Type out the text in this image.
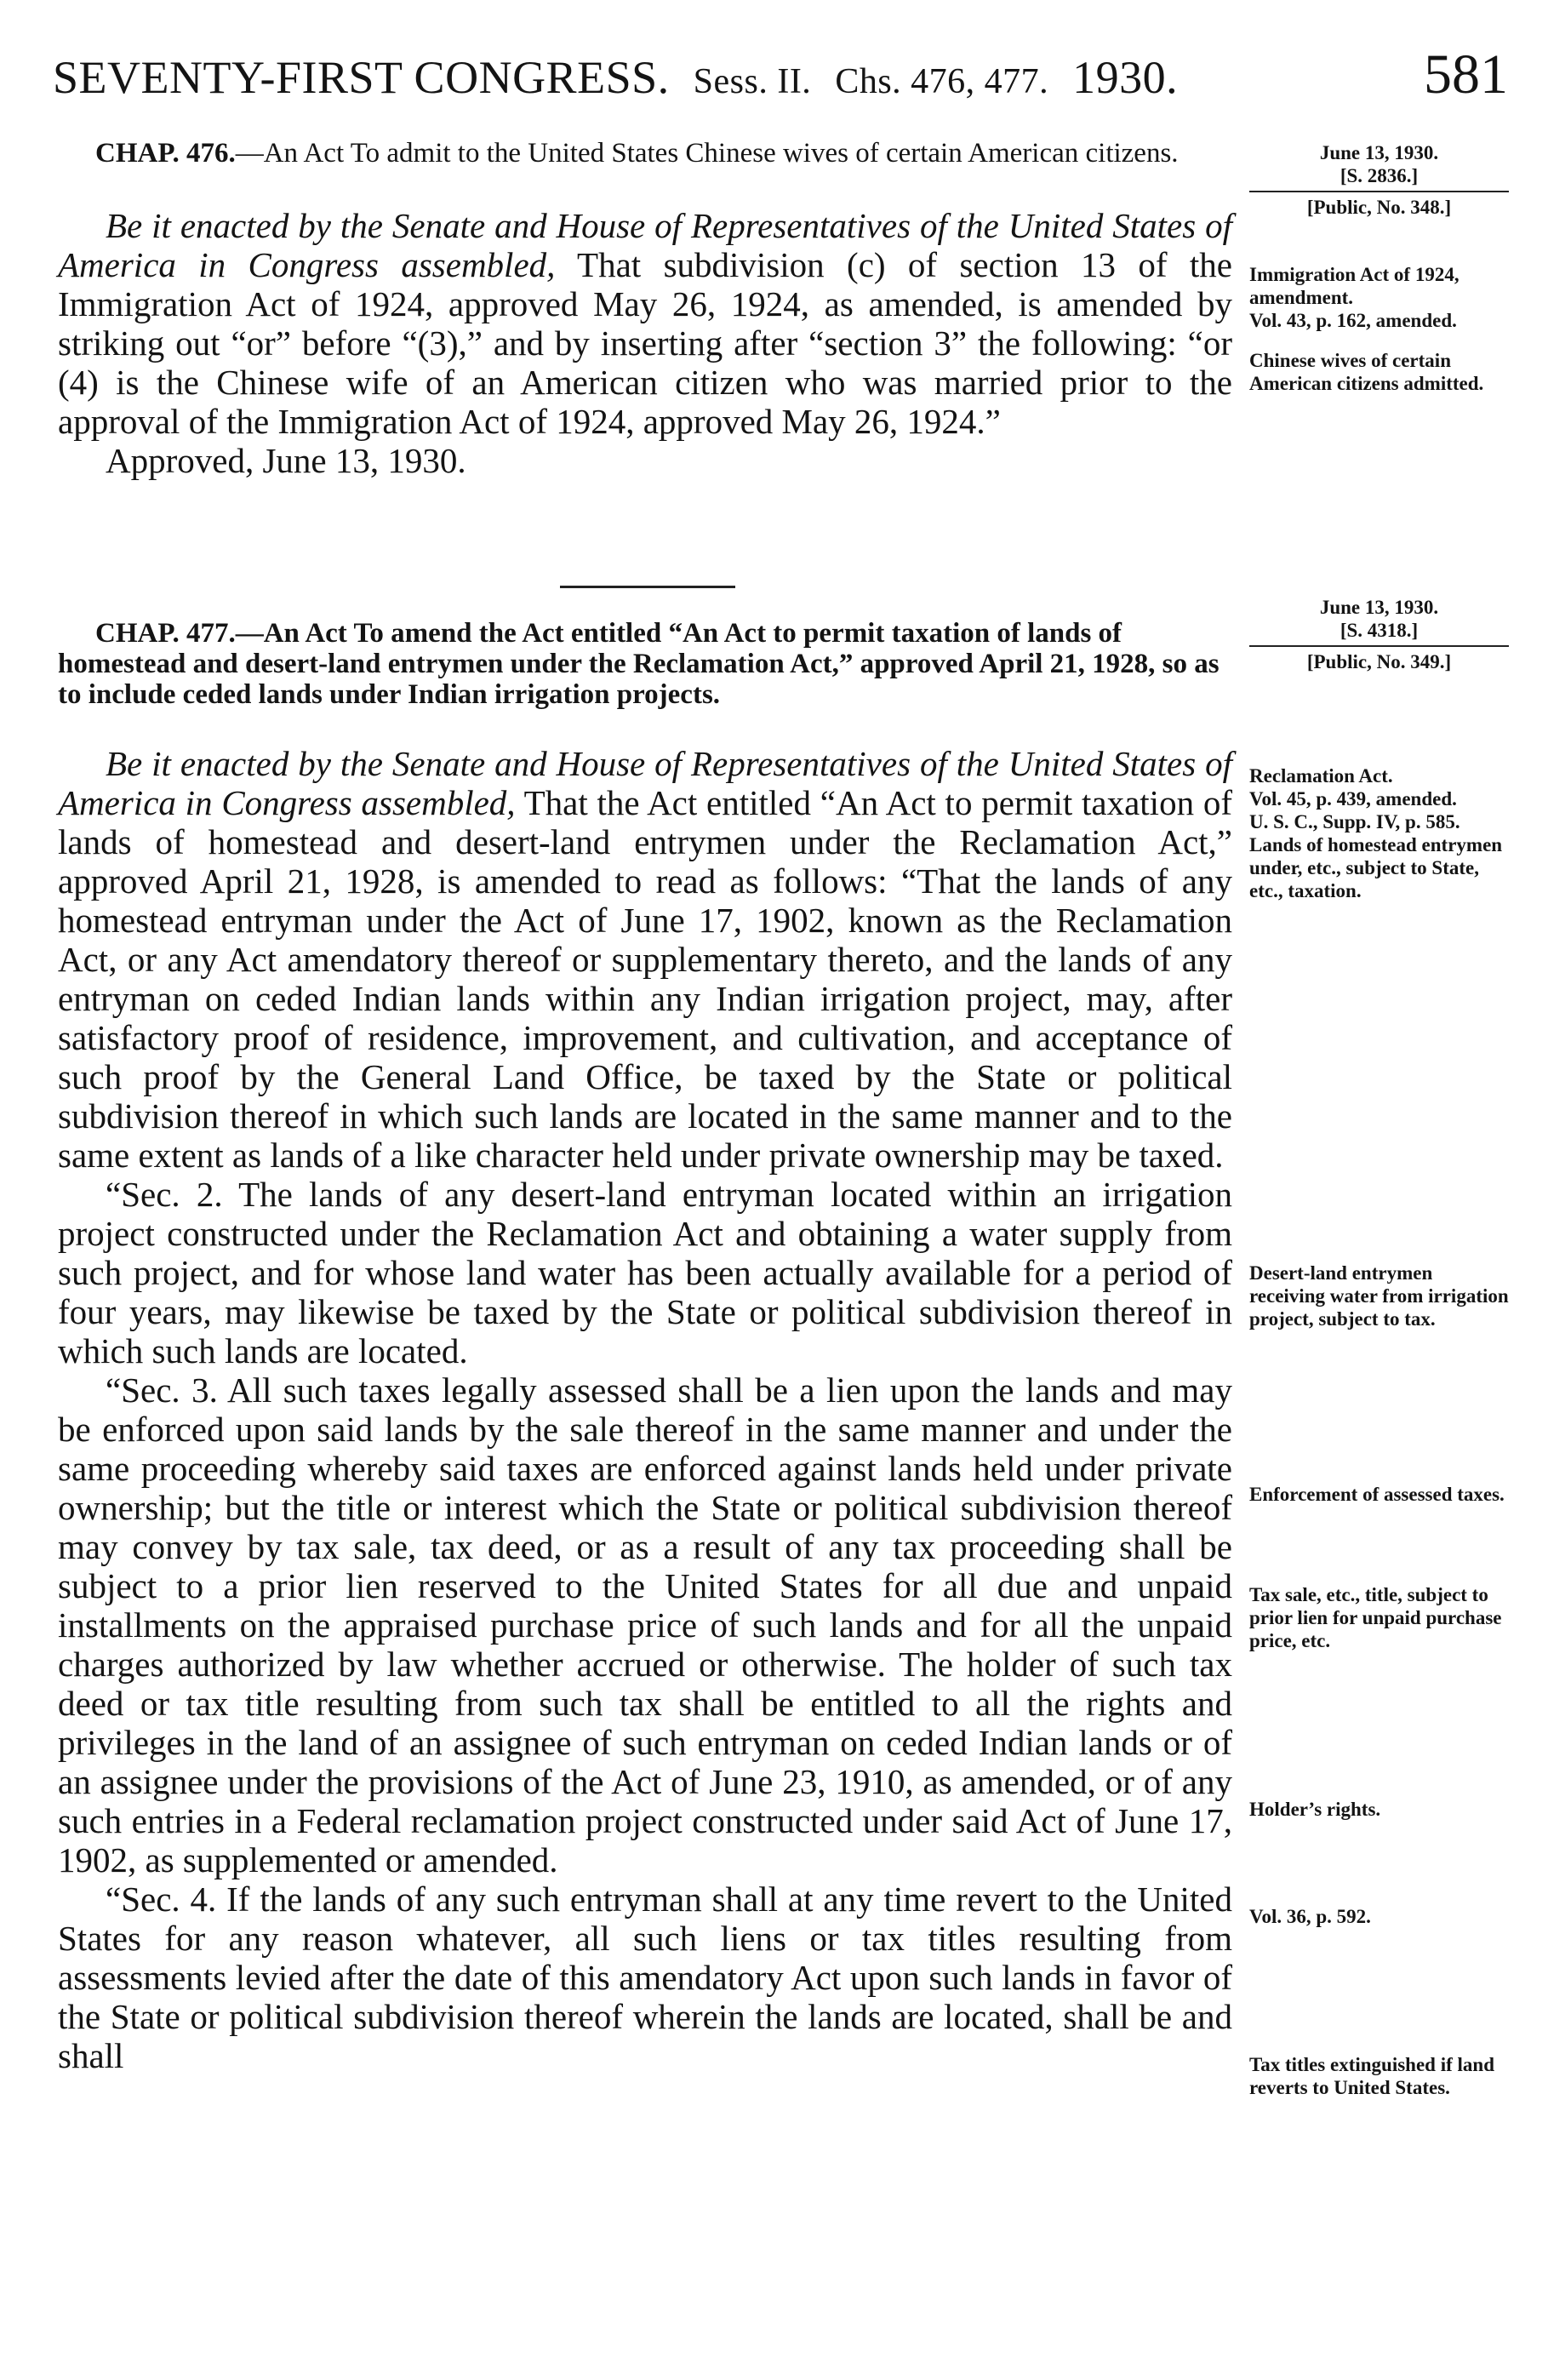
SEVENTY-FIRST CONGRESS. Sess. II. Chs. 476, 477. 1930.	581

CHAP. 476.—An Act To admit to the United States Chinese wives of certain American citizens.

Be it enacted by the Senate and House of Representatives of the United States of America in Congress assembled, That subdivision (c) of section 13 of the Immigration Act of 1924, approved May 26, 1924, as amended, is amended by striking out “or” before “(3),” and by inserting after “section 3” the following: “or (4) is the Chinese wife of an American citizen who was married prior to the approval of the Immigration Act of 1924, approved May 26, 1924.”

Approved, June 13, 1930.

June 13, 1930.
[S. 2836.]
[Public, No. 348.]

Immigration Act of 1924, amendment.

Vol. 43, p. 162, amended.

Chinese wives of certain American citizens admitted.

June 13, 1930.
[S. 4318.]
[Public, No. 349.]

CHAP. 477.—An Act To amend the Act entitled “An Act to permit taxation of lands of homestead and desert-land entrymen under the Reclamation Act,” approved April 21, 1928, so as to include ceded lands under Indian irrigation projects.

Be it enacted by the Senate and House of Representatives of the United States of America in Congress assembled, That the Act entitled “An Act to permit taxation of lands of homestead and desert-land entrymen under the Reclamation Act,” approved April 21, 1928, is amended to read as follows: “That the lands of any homestead entryman under the Act of June 17, 1902, known as the Reclamation Act, or any Act amendatory thereof or supplementary thereto, and the lands of any entryman on ceded Indian lands within any Indian irrigation project, may, after satisfactory proof of residence, improvement, and cultivation, and acceptance of such proof by the General Land Office, be taxed by the State or political subdivision thereof in which such lands are located in the same manner and to the same extent as lands of a like character held under private ownership may be taxed.

“Sec. 2. The lands of any desert-land entryman located within an irrigation project constructed under the Reclamation Act and obtaining a water supply from such project, and for whose land water has been actually available for a period of four years, may likewise be taxed by the State or political subdivision thereof in which such lands are located.

“Sec. 3. All such taxes legally assessed shall be a lien upon the lands and may be enforced upon said lands by the sale thereof in the same manner and under the same proceeding whereby said taxes are enforced against lands held under private ownership; but the title or interest which the State or political subdivision thereof may convey by tax sale, tax deed, or as a result of any tax proceeding shall be subject to a prior lien reserved to the United States for all due and unpaid installments on the appraised purchase price of such lands and for all the unpaid charges authorized by law whether accrued or otherwise. The holder of such tax deed or tax title resulting from such tax shall be entitled to all the rights and privileges in the land of an assignee of such entryman on ceded Indian lands or of an assignee under the provisions of the Act of June 23, 1910, as amended, or of any such entries in a Federal reclamation project constructed under said Act of June 17, 1902, as supplemented or amended.

“Sec. 4. If the lands of any such entryman shall at any time revert to the United States for any reason whatever, all such liens or tax titles resulting from assessments levied after the date of this amendatory Act upon such lands in favor of the State or political subdivision thereof wherein the lands are located, shall be and shall

Reclamation Act.

Vol. 45, p. 439, amended.

U. S. C., Supp. IV, p. 585.

Lands of homestead entrymen under, etc., subject to State, etc., taxation.

Desert-land entrymen receiving water from irrigation project, subject to tax.

Enforcement of assessed taxes.

Tax sale, etc., title, subject to prior lien for unpaid purchase price, etc.

Holder’s rights.

Vol. 36, p. 592.

Tax titles extinguished if land reverts to United States.
